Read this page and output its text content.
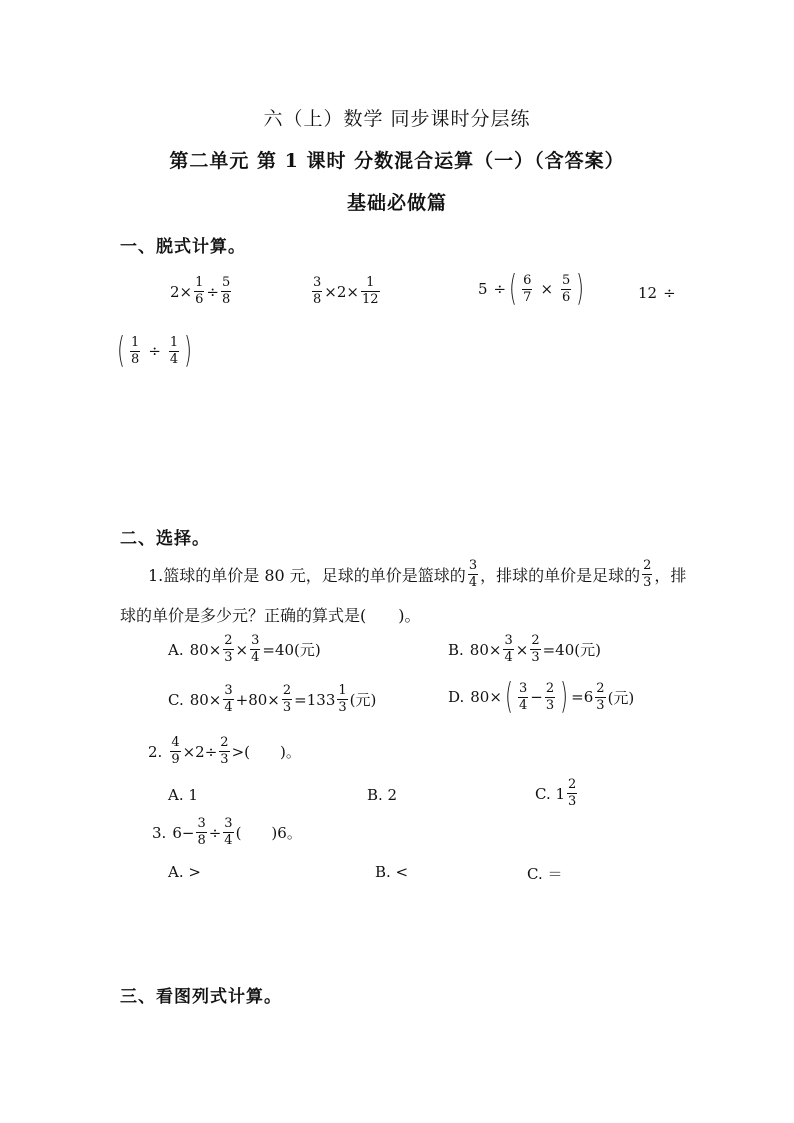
六（上）数学 同步课时分层练
第二单元 第 1 课时 分数混合运算（一）（含答案）
基础必做篇
一、脱式计算。
$2 \times \frac{1}{6} \div \frac{5}{8}$	$\frac{3}{8} \times 2 \times \frac{1}{12}$	5 ÷ ( $\frac{6}{7} \times \frac{5}{6}$ )	12 ÷
( $\frac{1}{8} \div \frac{1}{4}$ )
二、选择。
1.篮球的单价是 80 元，足球的单价是篮球的 $\frac{3}{4}$ ，排球的单价是足球的 $\frac{2}{3}$ ，排
球的单价是多少元？正确的算式是(　　)。
A. $80\times \frac{2}{3} \times \frac{3}{4} =40$(元)	B. $80\times \frac{3}{4} \times \frac{2}{3} =40$(元)
C. $80\times \frac{3}{4} +80\times \frac{2}{3} =133 \frac{1}{3}$ (元)	D. 80× ( $\frac{3}{4} - \frac{2}{3}$ ) $=6 \frac{2}{3}$ (元)
2. $\frac{4}{9} \times 2\div \frac{2}{3}$ >(　　)。
A. 1	B. 2	C. $1 \frac{2}{3}$
3. $6- \frac{3}{8} \div \frac{3}{4}$ (　　)6。
A. >	B. <	C. ＝
三、看图列式计算。
